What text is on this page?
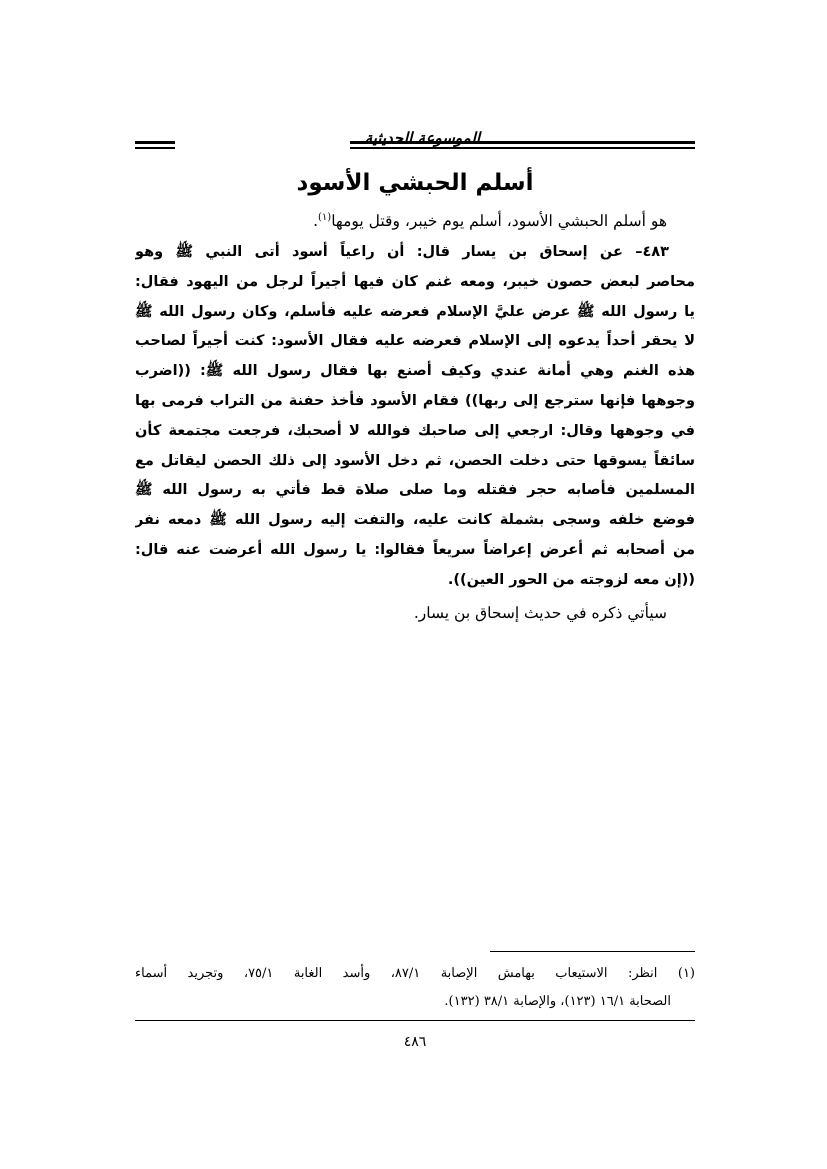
الموسوعة الحديثية
أسلم الحبشي الأسود

هو أسلم الحبشي الأسود، أسلم يوم خيبر، وقتل يومها$^{(١)}$.

٤٨٣– عن إسحاق بن يسار قال: أن راعياً أسود أتى النبي ﷺ وهو
محاصر لبعض حصون خيبر، ومعه غنم كان فيها أجيراً لرجل من اليهود فقال:
يا رسول الله ﷺ عرض عليَّ الإسلام فعرضه عليه فأسلم، وكان رسول الله ﷺ
لا يحقر أحداً يدعوه إلى الإسلام فعرضه عليه فقال الأسود: كنت أجيراً لصاحب
هذه الغنم وهي أمانة عندي وكيف أصنع بها فقال رسول الله ﷺ: ((اضرب
وجوهها فإنها سترجع إلى ربها)) فقام الأسود فأخذ حفنة من التراب فرمى بها
في وجوهها وقال: ارجعي إلى صاحبك فوالله لا أصحبك، فرجعت مجتمعة كأن
سائقاً يسوقها حتى دخلت الحصن، ثم دخل الأسود إلى ذلك الحصن ليقاتل مع
المسلمين فأصابه حجر فقتله وما صلى صلاة قط فأتي به رسول الله ﷺ
فوضع خلفه وسجى بشملة كانت عليه، والتفت إليه رسول الله ﷺ دمعه نفر
من أصحابه ثم أعرض إعراضاً سريعاً فقالوا: يا رسول الله أعرضت عنه قال:
((إن معه لزوجته من الحور العين)).
سيأتي ذكره في حديث إسحاق بن يسار.
(١) انظر: الاستيعاب بهامش الإصابة ٨٧/١، وأسد الغابة ٧٥/١، وتجريد أسماء
الصحابة ١٦/١ (١٢٣)، والإصابة ٣٨/١ (١٣٢).
٤٨٦
